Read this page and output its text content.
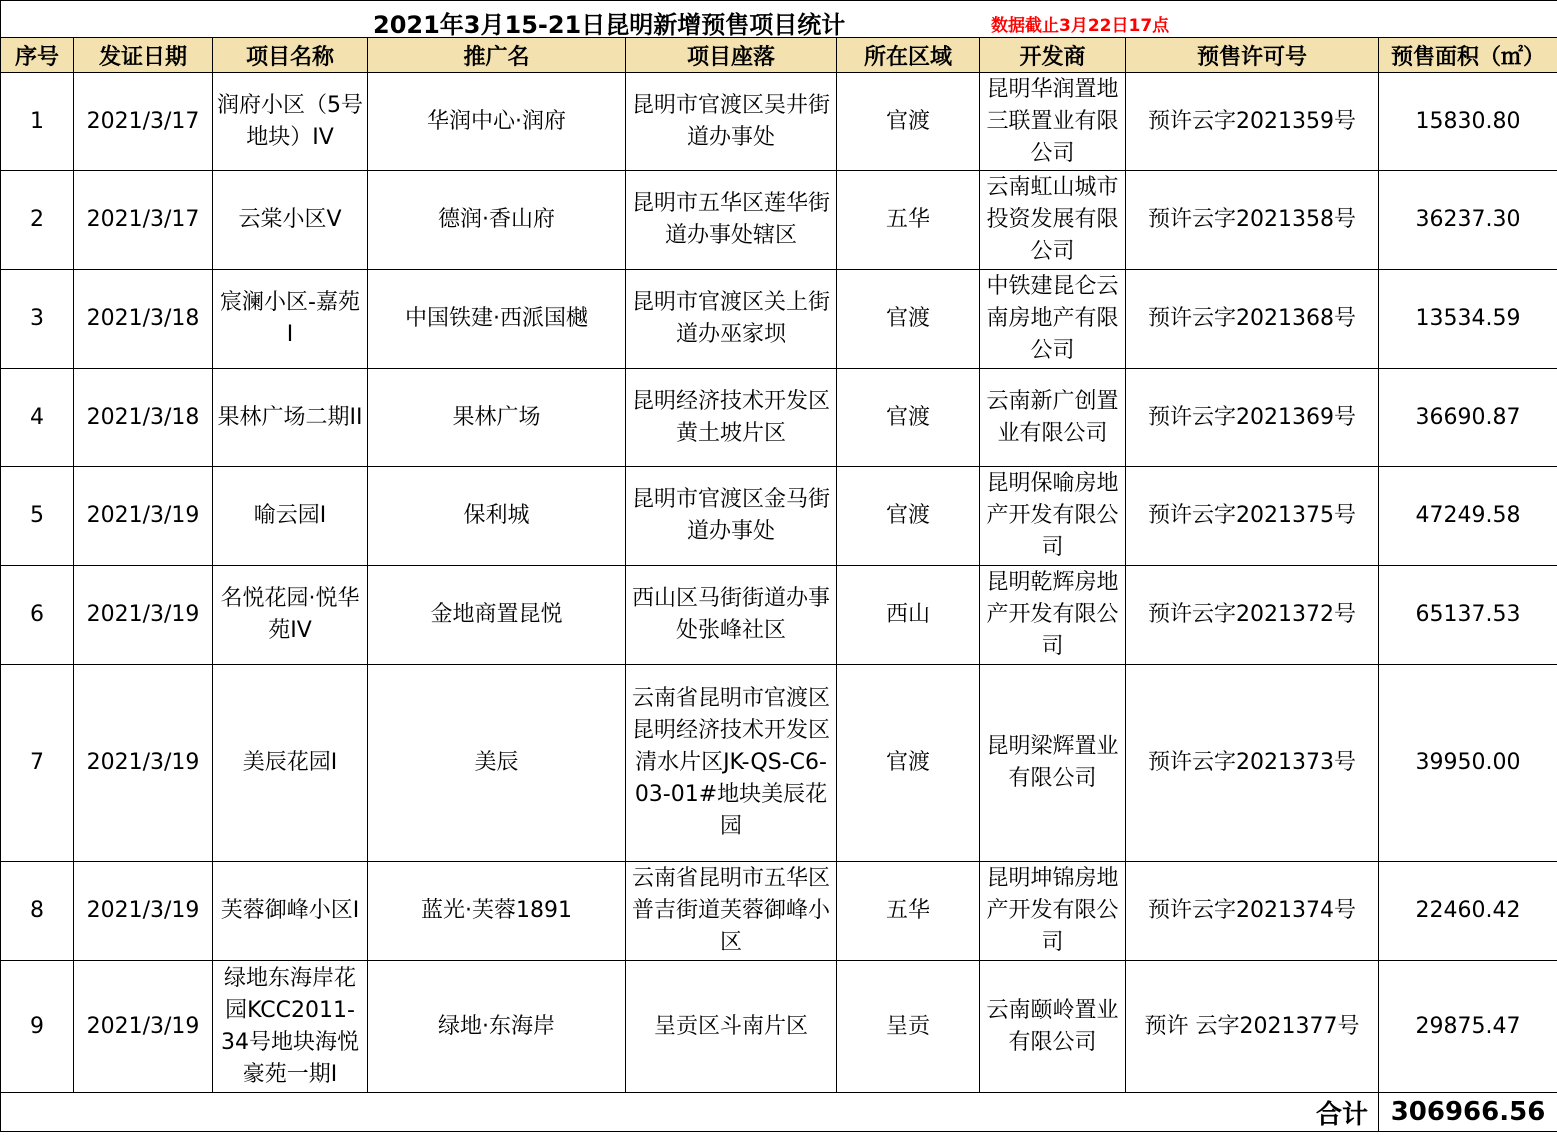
2021年3月15-21日昆明新增预售项目统计 数据截止3月22日17点								

序号	发证日期	项目名称	推广名	项目座落	所在区域	开发商	预售许可号	预售面积（㎡）
1	2021/3/17	润府小区（5号地块）IV	华润中心·润府	昆明市官渡区吴井街道办事处	官渡	昆明华润置地三联置业有限公司	预许云字2021359号	15830.80
2	2021/3/17	云棠小区V	德润·香山府	昆明市五华区莲华街道办事处辖区	五华	云南虹山城市投资发展有限公司	预许云字2021358号	36237.30
3	2021/3/18	宸澜小区-嘉苑I	中国铁建·西派国樾	昆明市官渡区关上街道办巫家坝	官渡	中铁建昆仑云南房地产有限公司	预许云字2021368号	13534.59
4	2021/3/18	果林广场二期II	果林广场	昆明经济技术开发区黄土坡片区	官渡	云南新广创置业有限公司	预许云字2021369号	36690.87
5	2021/3/19	喻云园I	保利城	昆明市官渡区金马街道办事处	官渡	昆明保喻房地产开发有限公司	预许云字2021375号	47249.58
6	2021/3/19	名悦花园·悦华苑IV	金地商置昆悦	西山区马街街道办事处张峰社区	西山	昆明乾辉房地产开发有限公司	预许云字2021372号	65137.53
7	2021/3/19	美辰花园I	美辰	云南省昆明市官渡区昆明经济技术开发区清水片区JK-QS-C6-03-01#地块美辰花园	官渡	昆明梁辉置业有限公司	预许云字2021373号	39950.00
8	2021/3/19	芙蓉御峰小区I	蓝光·芙蓉1891	云南省昆明市五华区普吉街道芙蓉御峰小区	五华	昆明坤锦房地产开发有限公司	预许云字2021374号	22460.42
9	2021/3/19	绿地东海岸花园KCC2011-34号地块海悦豪苑一期I	绿地·东海岸	呈贡区斗南片区	呈贡	云南颐岭置业有限公司	预许 云字2021377号	29875.47
合计								306966.56
